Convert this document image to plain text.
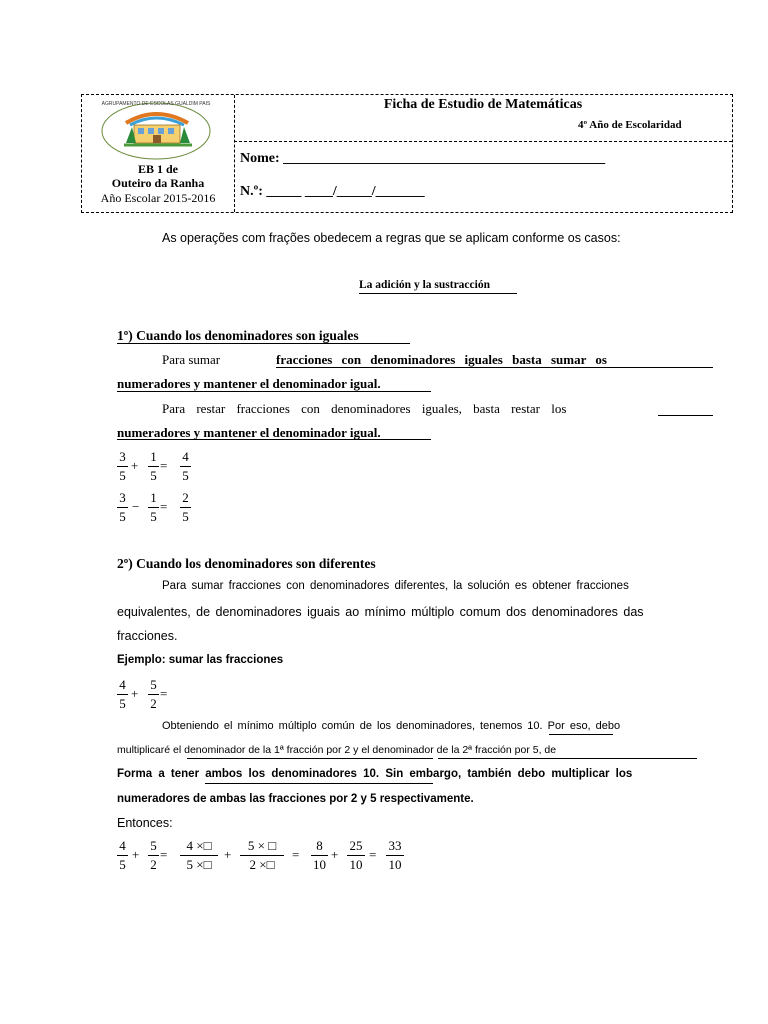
AGRUPAMENTO DE ESCOLAS GUALDIM PAIS
EB 1 de
Outeiro da Ranha
Año Escolar 2015-2016
Ficha de Estudio de Matemáticas
4º Año de Escolaridad
Nome: ______________________________________________
N.º: _____ ____/_____/_______
As operações com frações obedecem a regras que se aplicam conforme os casos:
La adición y la sustracción
1º) Cuando los denominadores son iguales
Para sumar	fracciones con denominadores iguales basta sumar os
numeradores y mantener el denominador igual.
Para restar fracciones con denominadores iguales, basta restar los
numeradores y mantener el denominador igual.
3
5
+
1
5
=
4
5
3
5
−
1
5
=
2
5
2º) Cuando los denominadores son diferentes
Para sumar fracciones con denominadores diferentes, la solución es obtener fracciones
equivalentes, de denominadores iguais ao mínimo múltiplo comum dos denominadores das
fracciones.
Ejemplo: sumar las fracciones
4
5
+
5
2
=
Obteniendo el mínimo múltiplo común de los denominadores, tenemos 10. Por eso, debo
multiplicaré el denominador de la 1ª fracción por 2 y el denominador de la 2ª fracción por 5, de
Forma a tener ambos los denominadores 10. Sin embargo, también debo multiplicar los
numeradores de ambas las fracciones por 2 y 5 respectivamente.
Entonces:
4
5
+
5
2
=
4 ×□
5 ×□
+
5 × □
2 ×□
=
8
10
+
25
10
=
33
10
